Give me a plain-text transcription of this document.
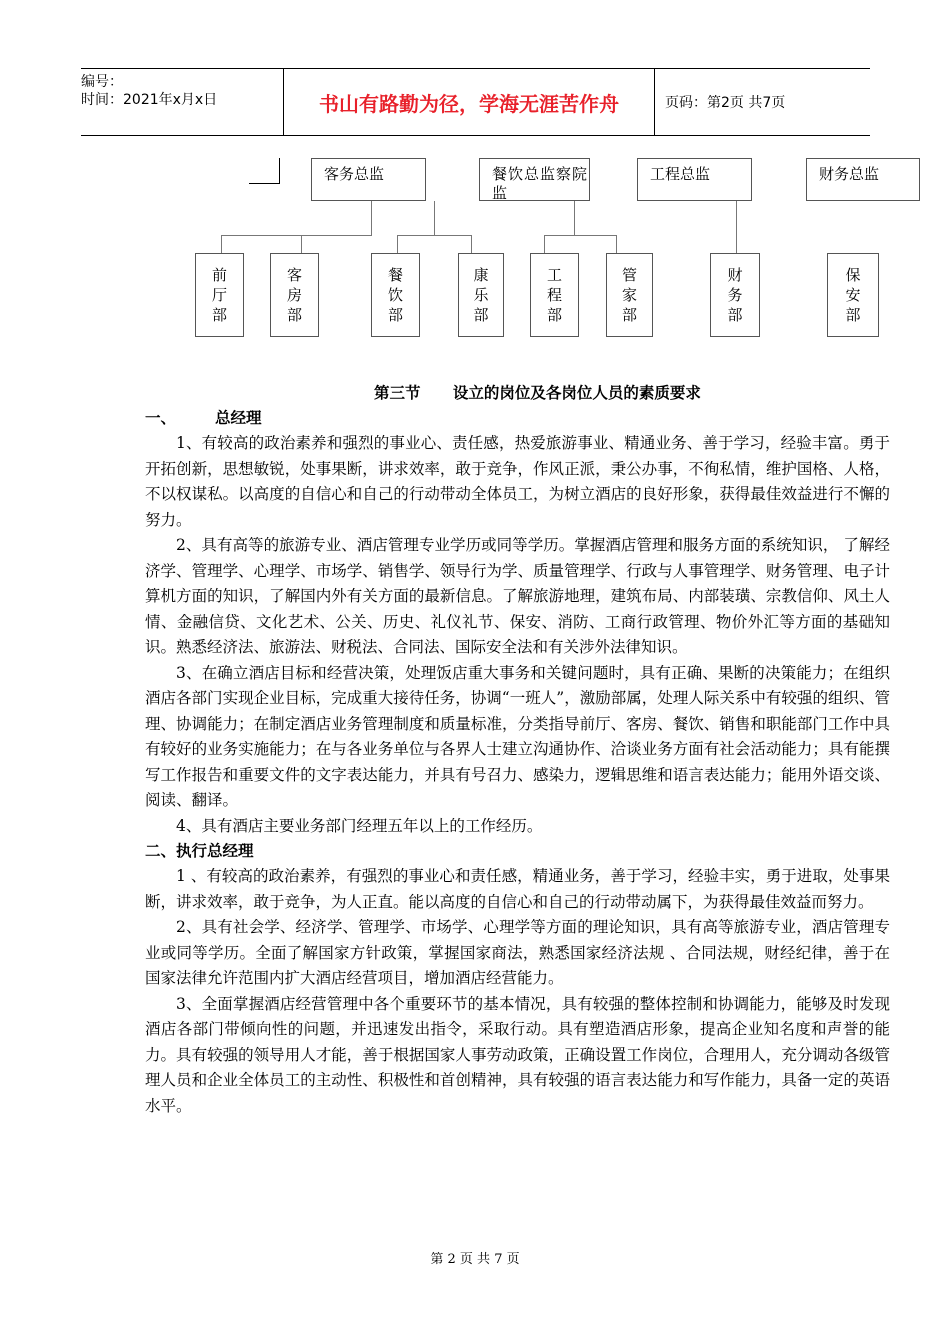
编号：
时间：2021年x月x日	书山有路勤为径，学海无涯苦作舟	页码：第2页 共7页
客务总监	餐饮总监察院监
工程总监	财务总监
前厅部
客房部
餐饮部
康乐部
工程部
管家部
财务部
保安部
第三节      设立的岗位及各岗位人员的素质要求
一、	总经理

1、有较高的政治素养和强烈的事业心、责任感，热爱旅游事业、精通业务、善于学习，经验丰富。勇于开拓创新，思想敏锐，处事果断，讲求效率，敢于竞争，作风正派，秉公办事，不徇私情，维护国格、人格，不以权谋私。以高度的自信心和自己的行动带动全体员工，为树立酒店的良好形象，获得最佳效益进行不懈的努力。

2、具有高等的旅游专业、酒店管理专业学历或同等学历。掌握酒店管理和服务方面的系统知识， 了解经济学、管理学、心理学、市场学、销售学、领导行为学、质量管理学、行政与人事管理学、财务管理、电子计算机方面的知识，了解国内外有关方面的最新信息。了解旅游地理，建筑布局、内部装璜、宗教信仰、风土人情、金融信贷、文化艺术、公关、历史、礼仪礼节、保安、消防、工商行政管理、物价外汇等方面的基础知识。熟悉经济法、旅游法、财税法、合同法、国际安全法和有关涉外法律知识。

3、在确立酒店目标和经营决策，处理饭店重大事务和关键问题时，具有正确、果断的决策能力；在组织酒店各部门实现企业目标，完成重大接待任务，协调“一班人”，激励部属，处理人际关系中有较强的组织、管理、协调能力；在制定酒店业务管理制度和质量标准，分类指导前厅、客房、餐饮、销售和职能部门工作中具有较好的业务实施能力；在与各业务单位与各界人士建立沟通协作、洽谈业务方面有社会活动能力；具有能撰写工作报告和重要文件的文字表达能力，并具有号召力、感染力，逻辑思维和语言表达能力；能用外语交谈、阅读、翻译。

4、具有酒店主要业务部门经理五年以上的工作经历。

二、执行总经理

1 、有较高的政治素养，有强烈的事业心和责任感，精通业务，善于学习，经验丰实，勇于进取，处事果断，讲求效率，敢于竞争，为人正直。能以高度的自信心和自己的行动带动属下，为获得最佳效益而努力。

2、具有社会学、经济学、管理学、市场学、心理学等方面的理论知识，具有高等旅游专业，酒店管理专业或同等学历。全面了解国家方针政策，掌握国家商法，熟悉国家经济法规 、合同法规，财经纪律，善于在国家法律允许范围内扩大酒店经营项目，增加酒店经营能力。

3、全面掌握酒店经营管理中各个重要环节的基本情况，具有较强的整体控制和协调能力，能够及时发现酒店各部门带倾向性的问题，并迅速发出指令，采取行动。具有塑造酒店形象，提高企业知名度和声誉的能力。具有较强的领导用人才能，善于根据国家人事劳动政策，正确设置工作岗位，合理用人，充分调动各级管理人员和企业全体员工的主动性、积极性和首创精神，具有较强的语言表达能力和写作能力，具备一定的英语水平。

第 2 页 共 7 页
